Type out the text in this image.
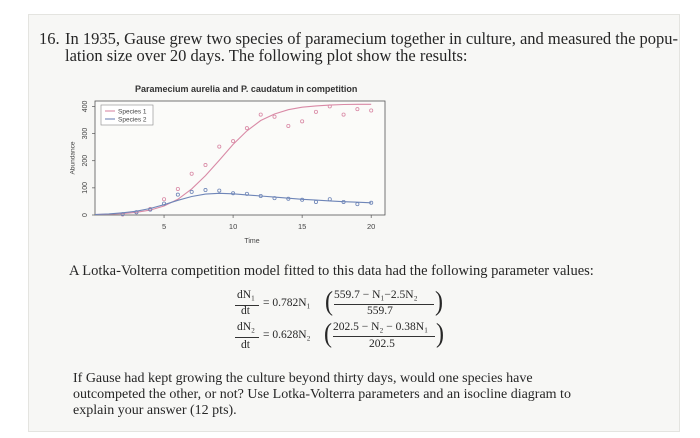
16. In 1935, Gause grew two species of paramecium together in culture, and measured the popu-
lation size over 20 days. The following plot show the results:
Paramecium aurelia and P. caudatum in competition
5	10	15	20
0
100
200
300
400
Time
Abundance
Species 1
Species 2
A Lotka-Volterra competition model fitted to this data had the following parameter values:
dN₁
dt
= 0.782N₁ ( 559.7 − N₁−2.5N₂
559.7 )
dN₂
dt
= 0.628N₂ ( 202.5 − N₂ − 0.38N₁
202.5 )
If Gause had kept growing the culture beyond thirty days, would one species have
outcompeted the other, or not? Use Lotka-Volterra parameters and an isocline diagram to
explain your answer (12 pts).
